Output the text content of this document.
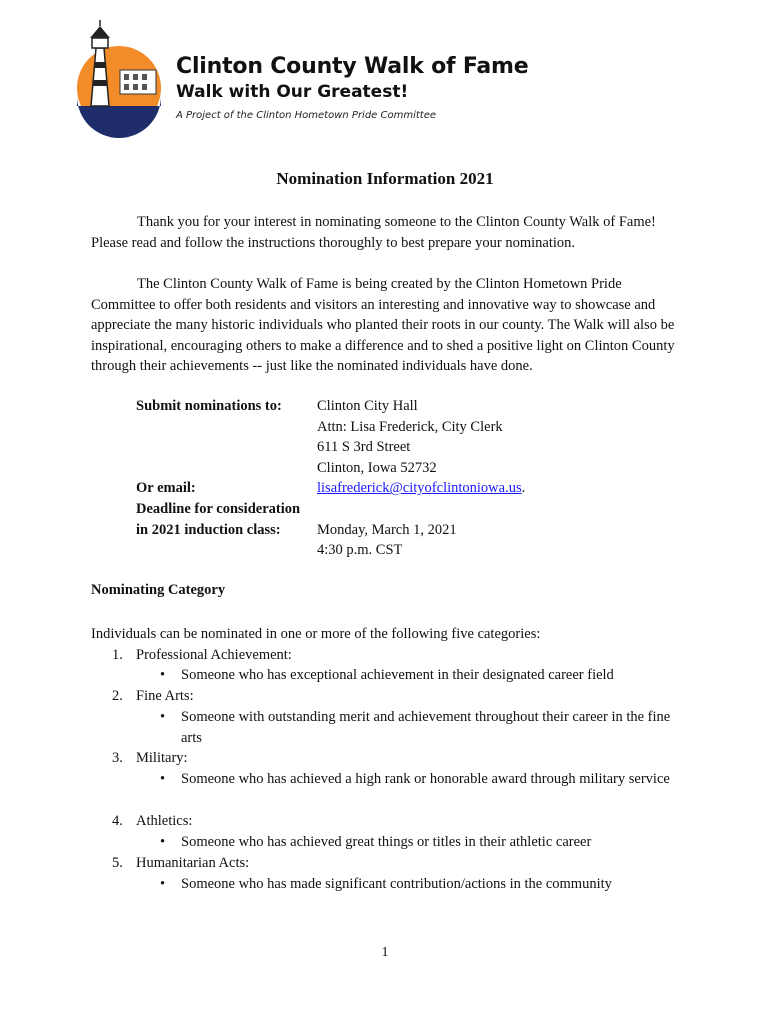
Clinton County Walk of Fame
Walk with Our Greatest!
A Project of the Clinton Hometown Pride Committee
Nomination Information 2021
Thank you for your interest in nominating someone to the Clinton County Walk of Fame! Please read and follow the instructions thoroughly to best prepare your nomination.
The Clinton County Walk of Fame is being created by the Clinton Hometown Pride Committee to offer both residents and visitors an interesting and innovative way to showcase and appreciate the many historic individuals who planted their roots in our county. The Walk will also be inspirational, encouraging others to make a difference and to shed a positive light on Clinton County through their achievements -- just like the nominated individuals have done.
Submit nominations to: Clinton City Hall
Attn: Lisa Frederick, City Clerk
611 S 3rd Street
Clinton, Iowa 52732
Or email:	lisafrederick@cityofclintoniowa.us.
Deadline for consideration
in 2021 induction class:	Monday, March 1, 2021
4:30 p.m. CST
Nominating Category
Individuals can be nominated in one or more of the following five categories:
1. Professional Achievement:
• Someone who has exceptional achievement in their designated career field
2. Fine Arts:
• Someone with outstanding merit and achievement throughout their career in the fine arts
3. Military:
• Someone who has achieved a high rank or honorable award through military service
4. Athletics:
• Someone who has achieved great things or titles in their athletic career
5. Humanitarian Acts:
• Someone who has made significant contribution/actions in the community
1
